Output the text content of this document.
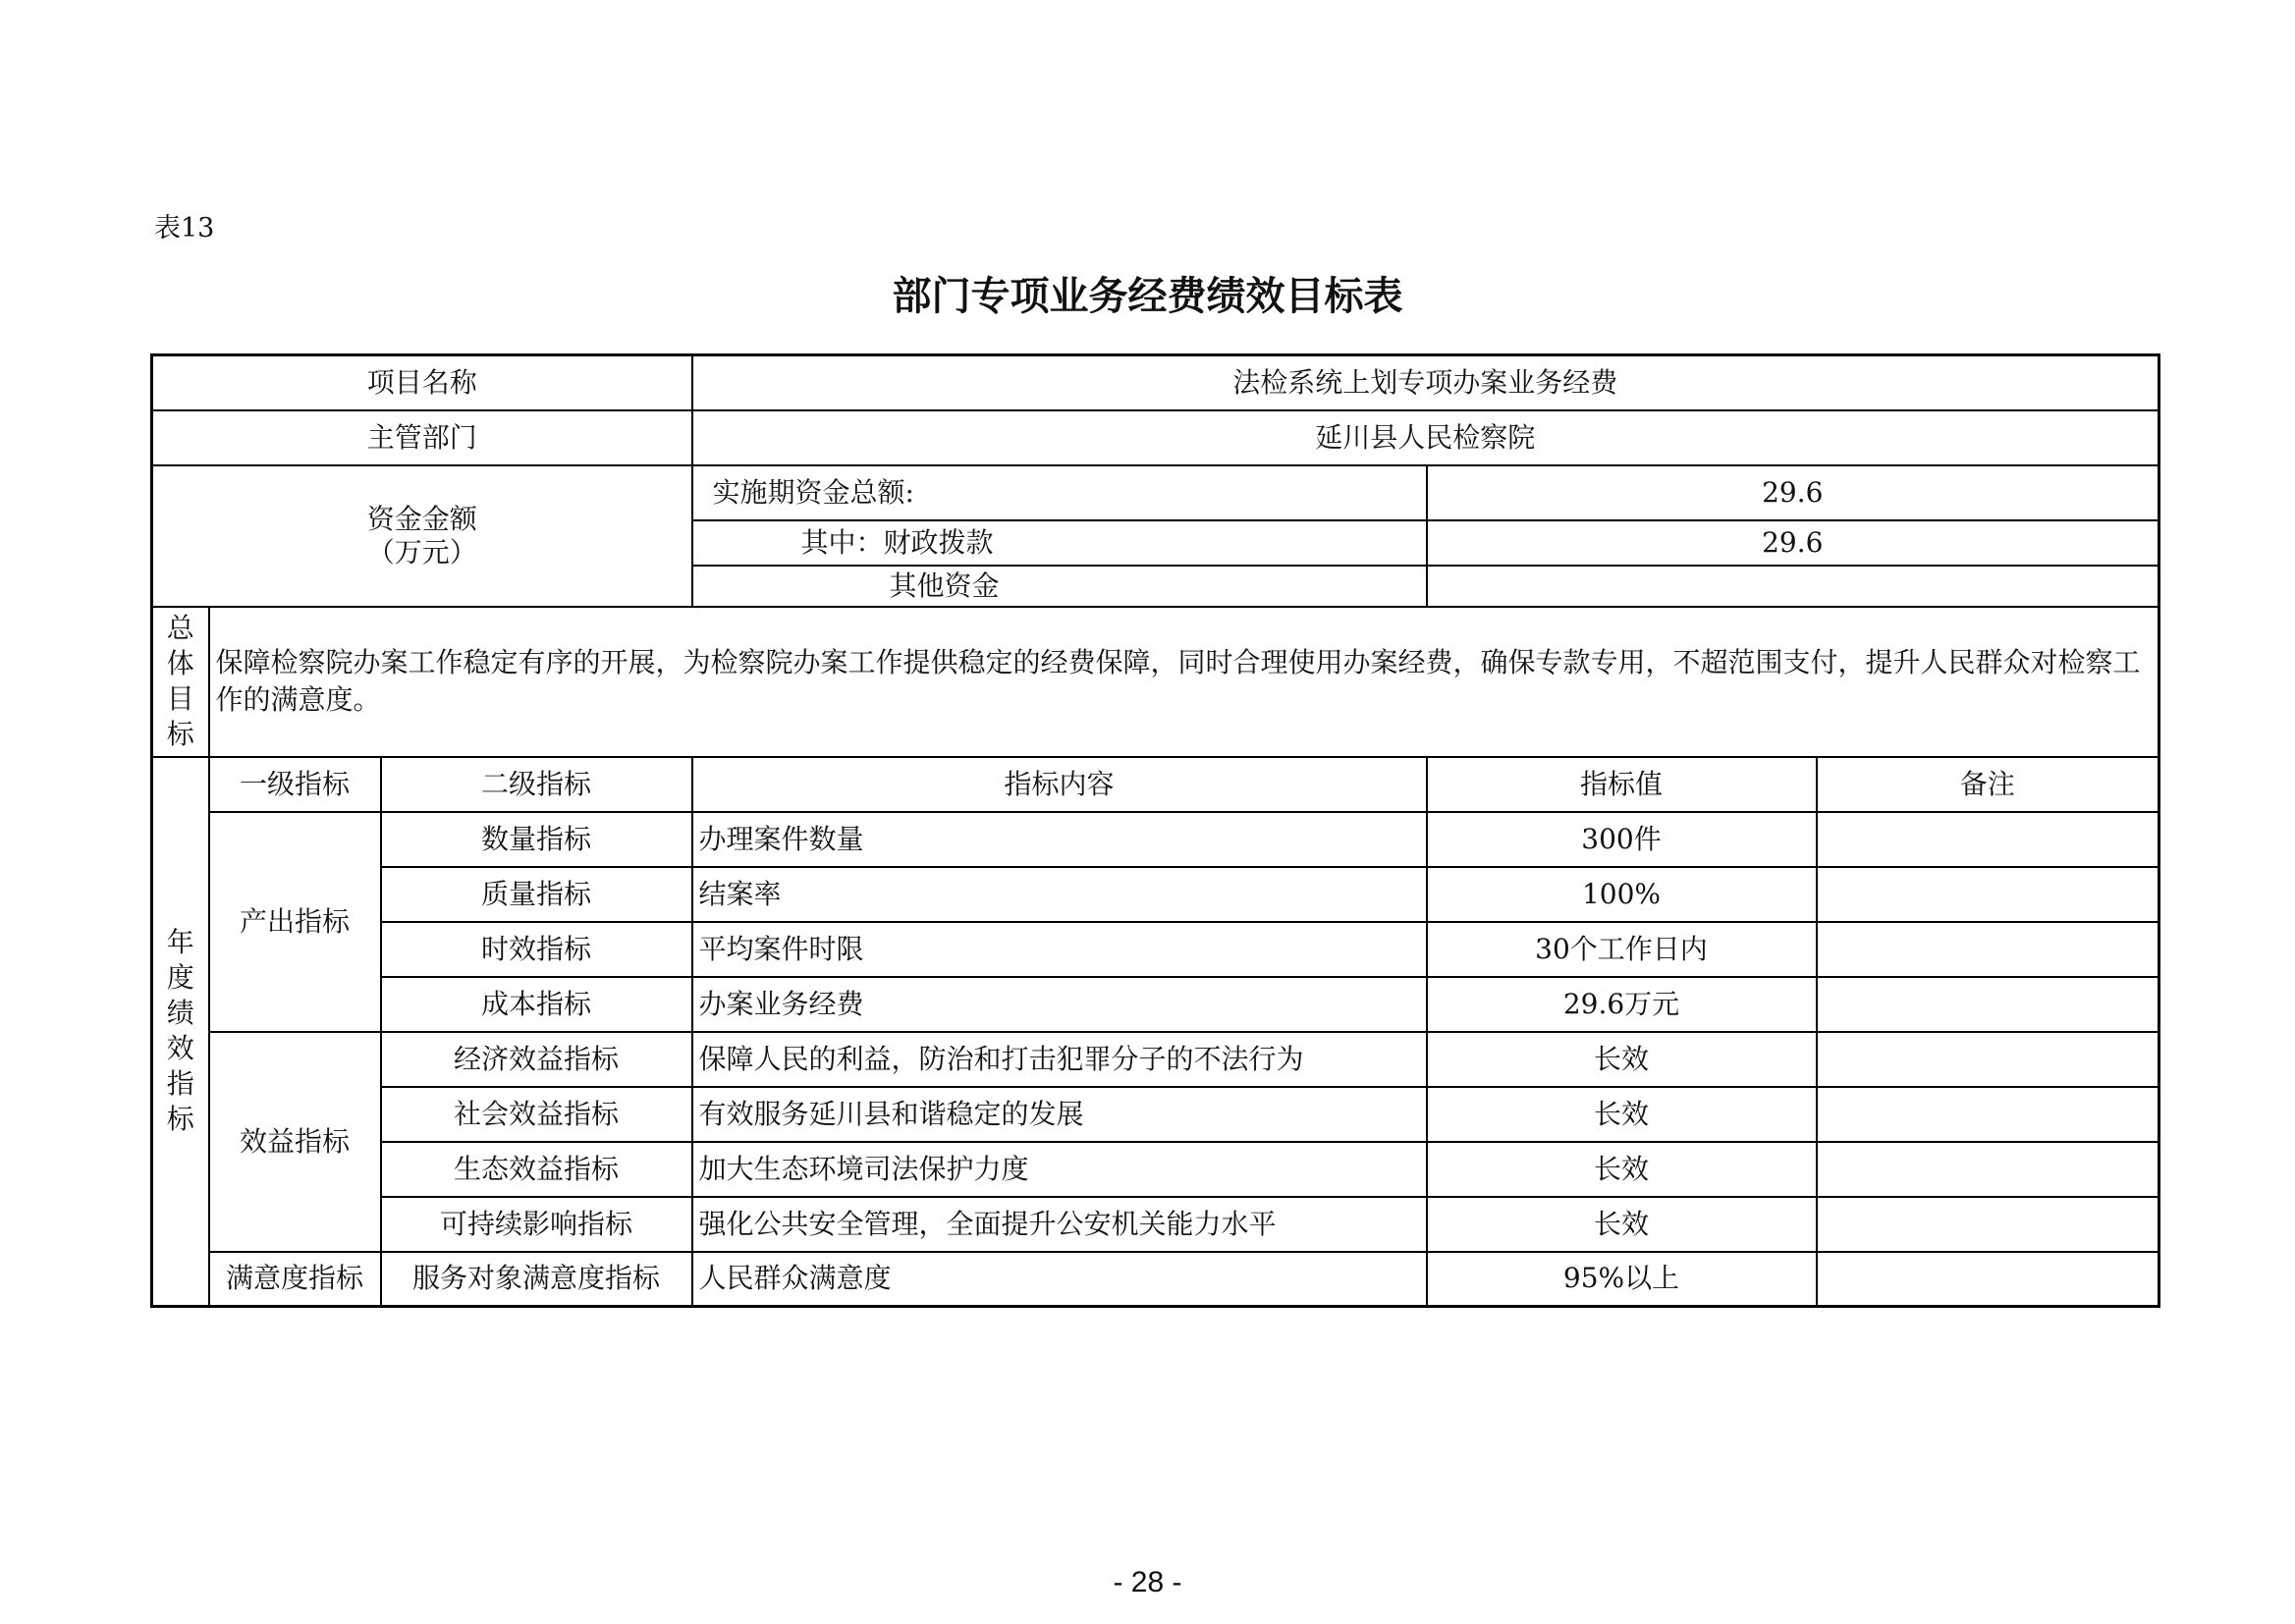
表13
部门专项业务经费绩效目标表
项目名称			法检系统上划专项办案业务经费		
主管部门			延川县人民检察院		

资金金额
（万元）			实施期资金总额:	29.6	
			其中：财政拨款	29.6	
			其他资金		
总体目标	保障检察院办案工作稳定有序的开展，为检察院办案工作提供稳定的经费保障，同时合理使用办案经费，确保专款专用，不超范围支付，提升人民群众对检察工作的满意度。				
年度绩效指标	一级指标	二级指标	指标内容	指标值	备注
	产出指标	数量指标	办理案件数量	300件	
		质量指标	结案率	100%	
		时效指标	平均案件时限	30个工作日内	
		成本指标	办案业务经费	29.6万元	
	效益指标	经济效益指标	保障人民的利益，防治和打击犯罪分子的不法行为	长效	
		社会效益指标	有效服务延川县和谐稳定的发展	长效	
		生态效益指标	加大生态环境司法保护力度	长效	
		可持续影响指标	强化公共安全管理，全面提升公安机关能力水平	长效	
	满意度指标	服务对象满意度指标	人民群众满意度	95%以上	
- 28 -
